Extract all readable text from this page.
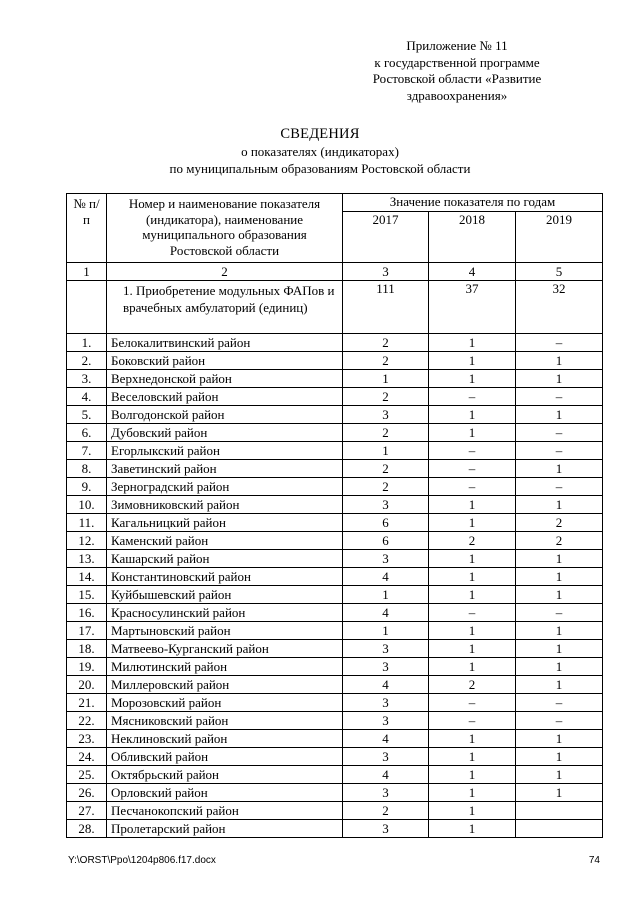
Приложение № 11
к государственной программе
Ростовской области «Развитие
здравоохранения»
СВЕДЕНИЯ
о показателях (индикаторах)
по муниципальным образованиям Ростовской области
№ п/п	Номер и наименование показателя (индикатора), наименование муниципального образования Ростовской области	Значение показателя по годам		
		2017	2018	2019
1	2	3	4	5
	1. Приобретение модульных ФАПов и врачебных амбулаторий (единиц)	111	37	32
1.	Белокалитвинский район	2	1	–
2.	Боковский район	2	1	1
3.	Верхнедонской район	1	1	1
4.	Веселовский район	2	–	–
5.	Волгодонской район	3	1	1
6.	Дубовский район	2	1	–
7.	Егорлыкский район	1	–	–
8.	Заветинский район	2	–	1
9.	Зерноградский район	2	–	–
10.	Зимовниковский район	3	1	1
11.	Кагальницкий район	6	1	2
12.	Каменский район	6	2	2
13.	Кашарский район	3	1	1
14.	Константиновский район	4	1	1
15.	Куйбышевский район	1	1	1
16.	Красносулинский район	4	–	–
17.	Мартыновский район	1	1	1
18.	Матвеево-Курганский район	3	1	1
19.	Милютинский район	3	1	1
20.	Миллеровский район	4	2	1
21.	Морозовский район	3	–	–
22.	Мясниковский район	3	–	–
23.	Неклиновский район	4	1	1
24.	Обливский район	3	1	1
25.	Октябрьский район	4	1	1
26.	Орловский район	3	1	1
27.	Песчанокопский район	2	1	
28.	Пролетарский район	3	1	
Y:\ORST\Ppo\1204p806.f17.docx	74
